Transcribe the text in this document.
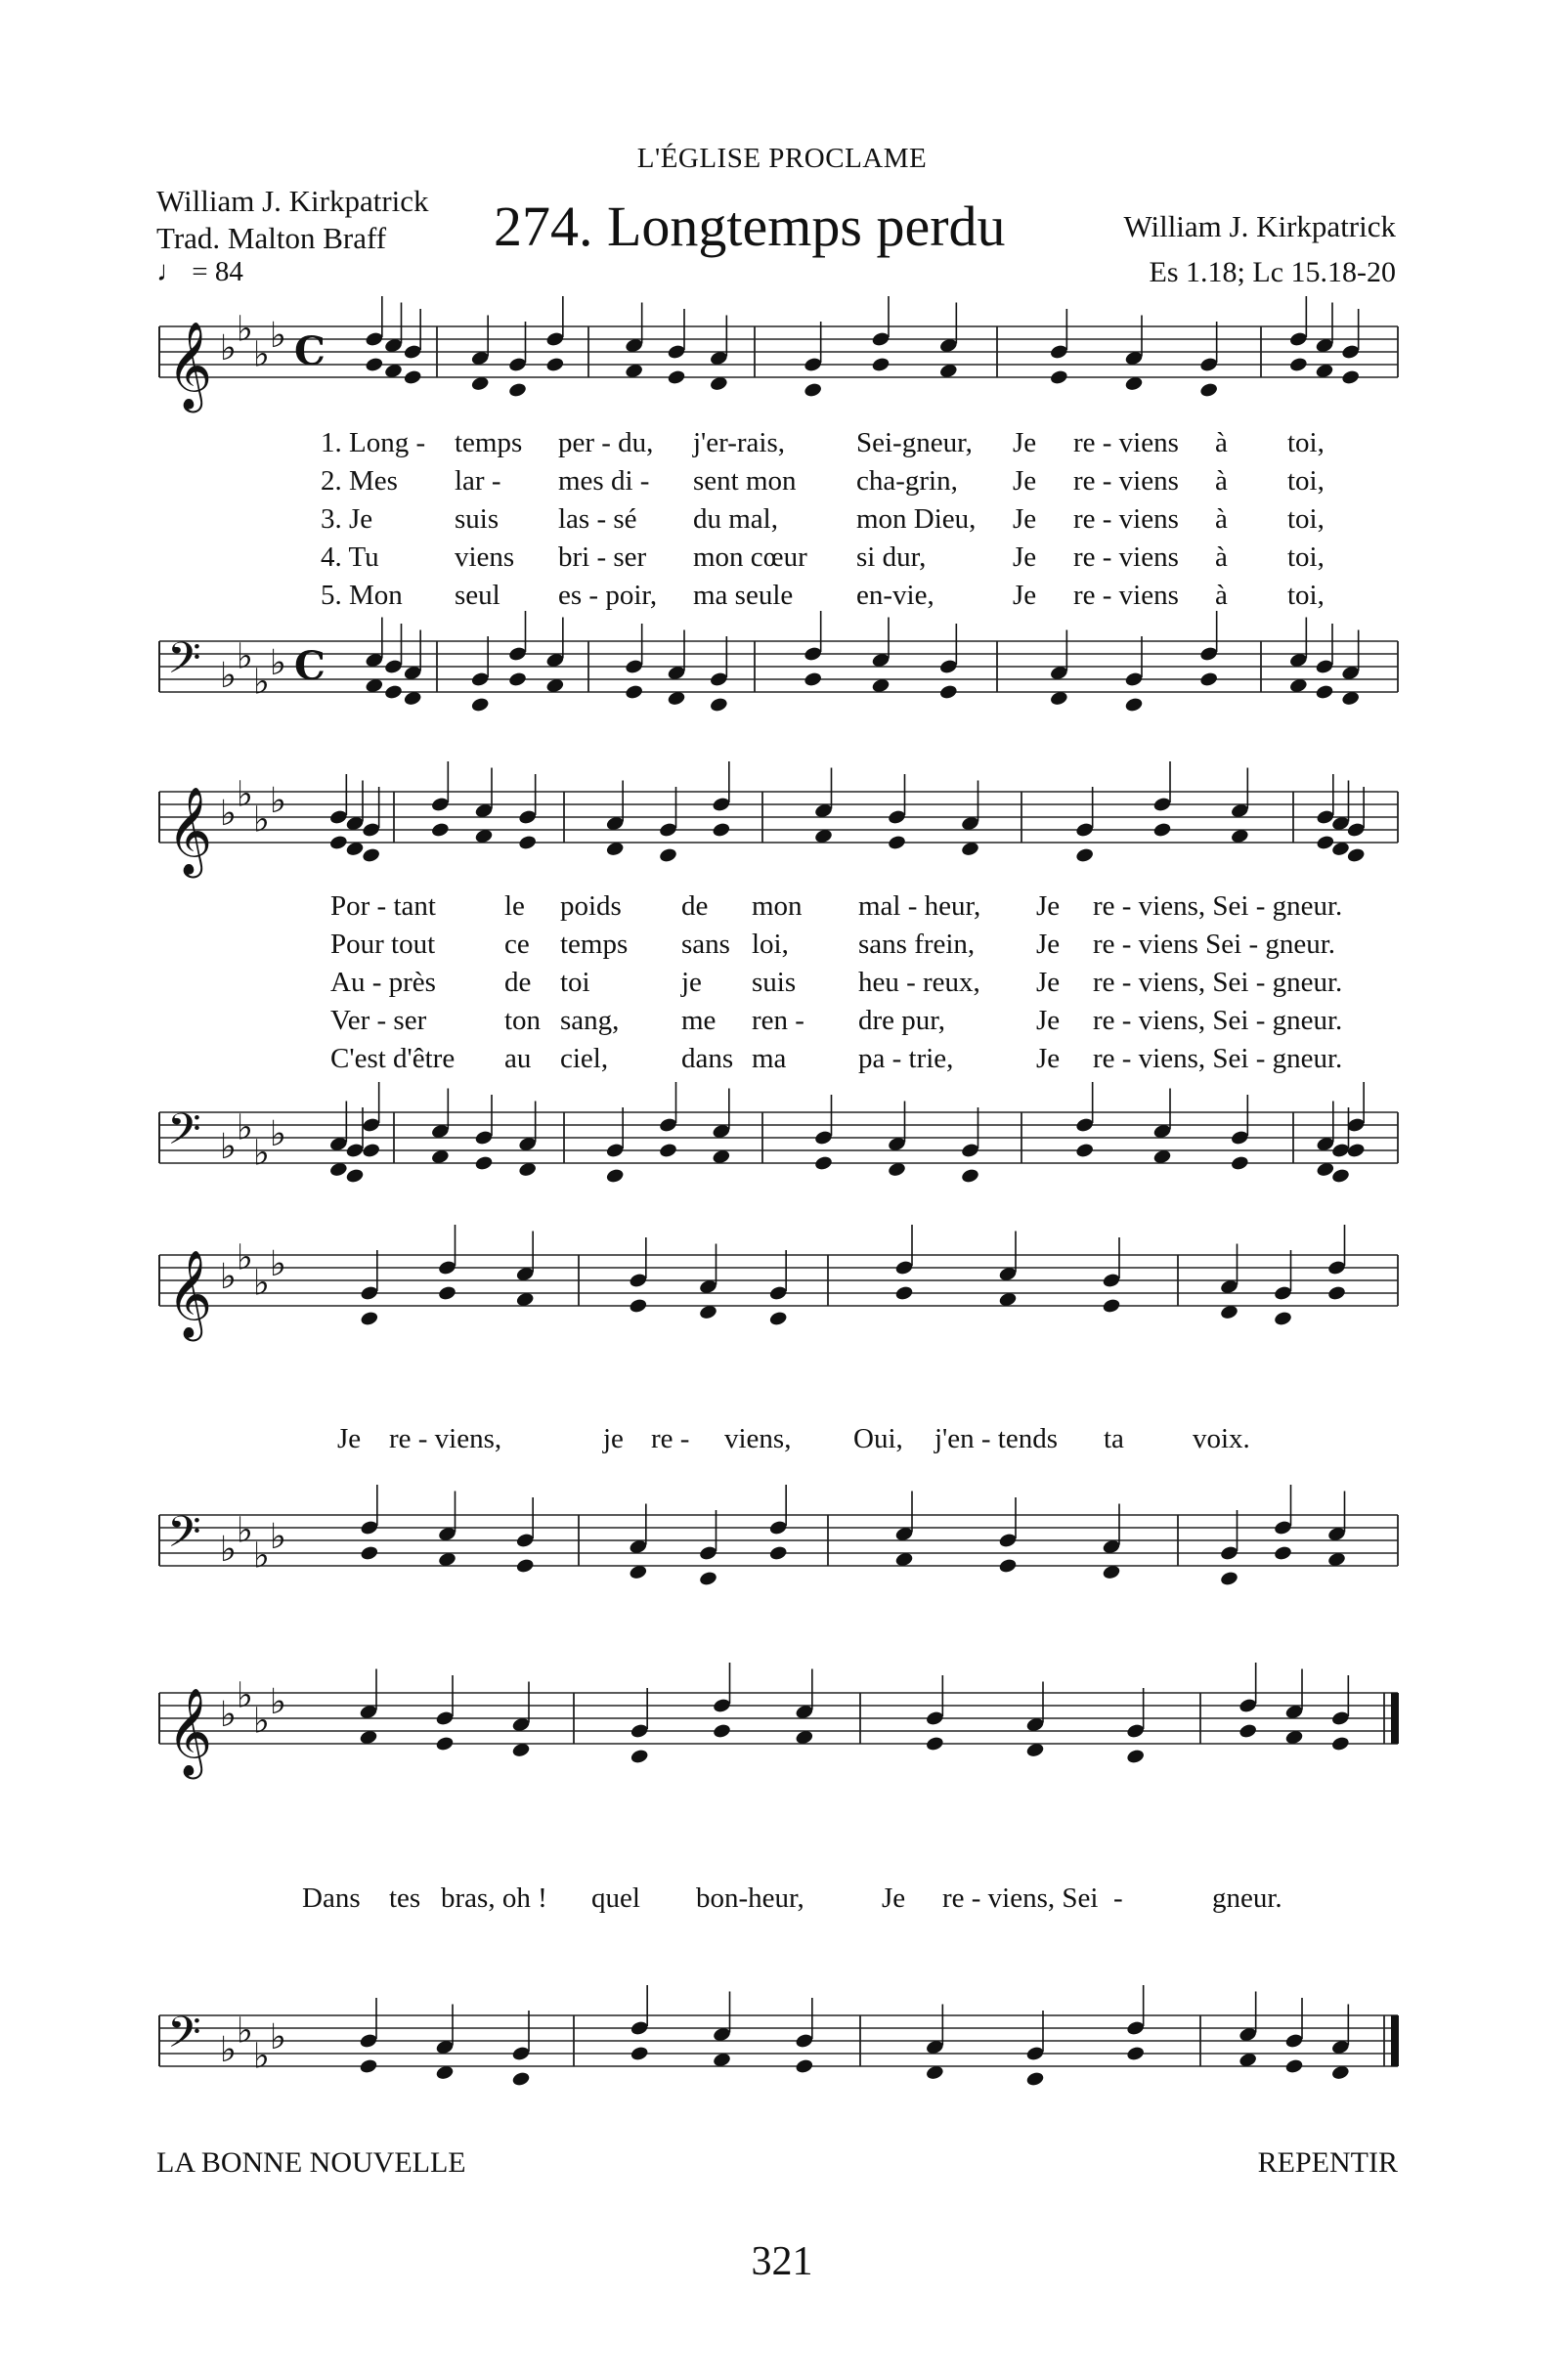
L'ÉGLISE PROCLAME
William J. Kirkpatrick
Trad. Malton Braff 274. Longtemps perdu	William J. Kirkpatrick
Es 1.18; Lc 15.18-20
♩ = 84
𝄞 ♭ ♭
♭ ♭ C
𝄢 ♭ ♭
♭ ♭ C
𝄞 ♭ ♭
♭ ♭
𝄢 ♭ ♭
♭ ♭
𝄞 ♭ ♭
♭ ♭
𝄢 ♭ ♭
♭ ♭
𝄞 ♭ ♭
♭ ♭
𝄢 ♭ ♭
♭ ♭
1. Long - temps per - du, j'er-rais,	Sei-gneur, Je re - viens à toi,
2. Mes lar - mes di - sent mon cha-grin, Je re - viens à toi,
3. Je	suis las - sé du mal,	mon Dieu, Je re - viens à toi,
4. Tu	viens bri - ser mon cœur si dur,	Je re - viens à toi,
5. Mon seul es - poir, ma seule en-vie,	Je re - viens à toi,
Por - tant le poids de mon mal - heur, Je re - viens, Sei - gneur.
Pour tout ce temps sans loi, sans frein, Je re - viens Sei - gneur.
Au - près de toi	je suis heu - reux, Je re - viens, Sei - gneur.
Ver - ser	ton sang, me ren - dre pur,	Je re - viens, Sei - gneur.
C'est d'être au ciel,	dans ma	pa - trie,	Je re - viens, Sei - gneur.
Je re - viens,	je re - viens, Oui, j'en - tends ta voix.
Dans tes bras, oh ! quel bon-heur,	Je re - viens, Sei -	gneur.
LA BONNE NOUVELLE	REPENTIR
321
